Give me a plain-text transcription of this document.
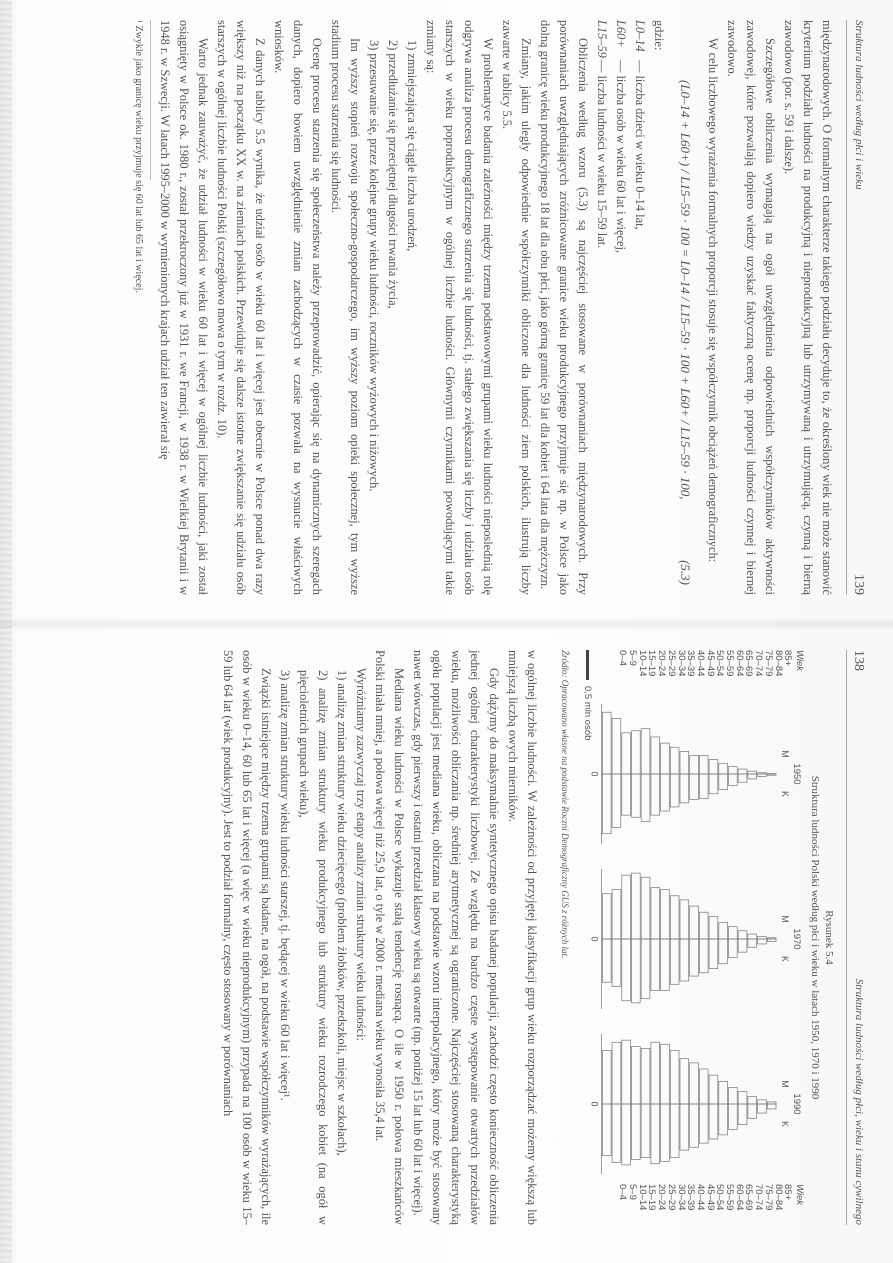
Struktura ludności według płci i wieku
139

międzynarodowych. O formalnym charakterze takiego podziału decyduje to, że określony wiek nie może stanowić kryterium podziału ludności na produkcyjną i nieprodukcyjną lub utrzymywaną i utrzymującą, czynną i bierną zawodowo (por. s. 59 i dalsze).

Szczegółowe obliczenia wymagają na ogół uwzględnienia odpowiednich współczynników aktywności zawodowej, które pozwalają dopiero wiedzy uzyskać faktyczną ocenę np. proporcji ludności czynnej i biernej zawodowo.

W celu liczbowego wyrażenia formalnych proporcji stosuje się współczynnik obciążeń demograficznych:

(L0–14 + L60+) / L15–59 · 100 = L0–14 / L15–59 · 100 + L60+ / L15–59 · 100,
(5.3)

gdzie:

L0–14— liczba dzieci w wieku 0–14 lat,
L60+— liczba osób w wieku 60 lat i więcej,
L15–59— liczba ludności w wieku 15–59 lat.

Obliczenia według wzoru (5.3) są najczęściej stosowane w porównaniach międzynarodowych. Przy porównaniach uwzględniających zróżnicowane granice wieku produkcyjnego przyjmuje się np. w Polsce jako dolną granicę wieku produkcyjnego 18 lat dla obu płci, jako górną granicę 59 lat dla kobiet i 64 lata dla mężczyzn.

Zmiany, jakim uległy odpowiednie współczynniki obliczone dla ludności ziem polskich, ilustrują liczby zawarte w tablicy 5.5.

W problematyce badania zależności między trzema podstawowymi grupami wieku ludności nieposlednią rolę odgrywa analiza procesu demograficznego starzenia się ludności, tj. stałego zwiększania się liczby i udziału osób starszych w wieku poprodukcyjnym w ogólnej liczbie ludności. Głównymi czynnikami powodującymi takie zmiany są:

1) zmniejszająca się ciągle liczba urodzeń,
2) przedłużanie się przeciętnej długości trwania życia,
3) przesuwanie się, przez kolejne grupy wieku ludności, roczników wyżowych i niżowych.

Im wyższy stopień rozwoju społeczno-gospodarczego, im wyższy poziom opieki społecznej, tym wyższe stadium procesu starzenia się ludności.

Ocenę procesu starzenia się społeczeństwa należy przeprowadzić, opierając się na dynamicznych szeregach danych, dopiero bowiem uwzględnienie zmian zachodzących w czasie pozwala na wysnucie właściwych wniosków.

Z danych tablicy 5.5 wynika, że udział osób w wieku 60 lat i więcej jest obecnie w Polsce ponad dwa razy większy niż na początku XX w. na ziemiach polskich. Przewiduje się dalsze istotne zwiększanie się udziału osób starszych w ogólnej liczbie ludności Polski (szczegółowo mowa o tym w rozdz. 10).

Warto jednak zauważyć, że udział ludności w wieku 60 lat i więcej w ogólnej liczbie ludności, jaki został osiągnięty w Polsce ok. 1980 r., został przekroczony już w 1931 r. we Francji, w 1938 r. w Wielkiej Brytanii i w 1948 r. w Szwecji. W latach 1995–2000 w wymienionych krajach udział ten zawierał się

¹ Zwykle jako granicę wieku przyjmuje się 60 lat lub 65 lat i więcej.
138
Struktura ludności według płci, wieku i stanu cywilnego
Rysunek 5.4
Struktura ludności Polski według płci i wieku w latach 1950, 1970 i 1990
Wiek
85+
80–84
75–79
70–74
65–69
60–64
55–59
50–54
45–49
40–44
35–39
30–34
25–29
20–24
15–19
10–14
5–9
0–4
1950
M
K
0
1970
M
K
0
1990
M
K
0
Wiek
85+
80–84
75–79
70–74
65–69
60–64
55–59
50–54
45–49
40–44
35–39
30–34
25–29
20–24
15–19
10–14
5–9
0–4
0,5 mln osób
Źródło: Opracowano własne na podstawie Roczni Demograficzny GUS z różnych lat.

w ogólnej liczbie ludności. W zależności od przyjętej klasyfikacji grup wieku rozporządzać możemy większą lub mniejszą liczbą owych mierników.

Gdy dążymy do maksymalnie syntetycznego opisu badanej populacji, zachodzi często konieczność obliczenia jednej ogólnej charakterystyki liczbowej. Ze względu na bardzo częste występowanie otwartych przedziałów wieku, możliwości obliczania np. średniej arytmetycznej są ograniczone. Najczęściej stosowaną charakterystyką ogółu populacji jest mediana wieku, obliczana na podstawie wzoru interpolacyjnego, który może być stosowany nawet wówczas, gdy pierwszy i ostatni przedział klasowy wieku są otwarte (np. poniżej 15 lat lub 60 lat i więcej).

Mediana wieku ludności w Polsce wykazuje stałą tendencję rosnącą. O ile w 1950 r. połowa mieszkańców Polski miała mniej, a połowa więcej niż 25,9 lat, o tyle w 2000 r. mediana wieku wynosiła 35,4 lat.

Wyróżniamy zazwyczaj trzy etapy analizy zmian struktury wieku ludności:

1) analizę zmian struktury wieku dziecięcego (problem żłobków, przedszkoli, miejsc w szkołach),
2) analizę zmian struktury wieku produkcyjnego lub struktury wieku rozrodczego kobiet (na ogół w pięcioletnich grupach wieku),
3) analizę zmian struktury wieku ludności starszej, tj. będącej w wieku 60 lat i więcej¹.

Związki istniejące między trzema grupami są badane, na ogół, na podstawie współczynników wyrażających, ile osób w wieku 0–14, 60 lub 65 lat i więcej (a więc w wieku nieprodukcyjnym) przypada na 100 osób w wieku 15–59 lub 64 lat (wiek produkcyjny). Jest to podział formalny, często stosowany w porównaniach
